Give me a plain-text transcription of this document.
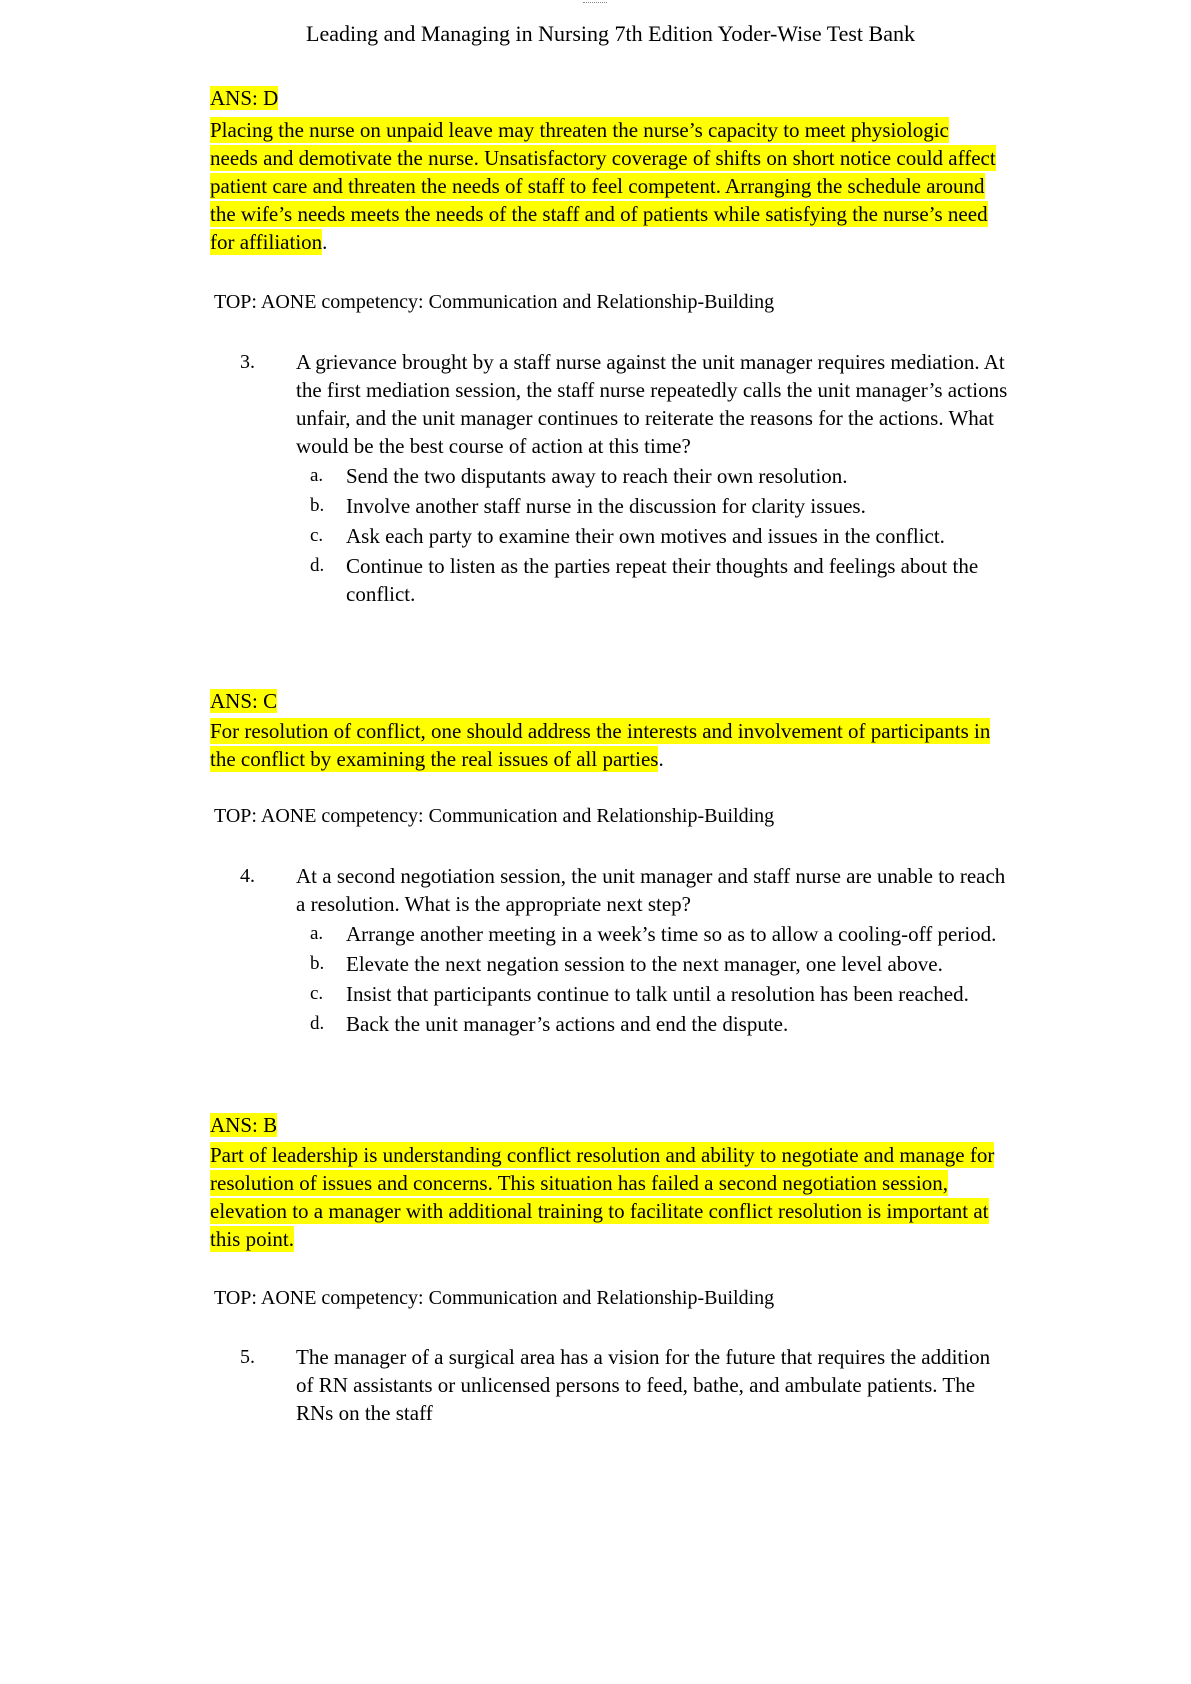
Leading and Managing in Nursing 7th Edition Yoder-Wise Test Bank
ANS: D
Placing the nurse on unpaid leave may threaten the nurse’s capacity to meet physiologic
needs and demotivate the nurse. Unsatisfactory coverage of shifts on short notice could affect
patient care and threaten the needs of staff to feel competent. Arranging the schedule around
the wife’s needs meets the needs of the staff and of patients while satisfying the nurse’s need
for affiliation.
TOP: AONE competency: Communication and Relationship-Building
3. A grievance brought by a staff nurse against the unit manager requires mediation. At
the first mediation session, the staff nurse repeatedly calls the unit manager’s actions
unfair, and the unit manager continues to reiterate the reasons for the actions. What
would be the best course of action at this time?
a. Send the two disputants away to reach their own resolution.
b. Involve another staff nurse in the discussion for clarity issues.
c. Ask each party to examine their own motives and issues in the conflict.
d. Continue to listen as the parties repeat their thoughts and feelings about the
conflict.
ANS: C
For resolution of conflict, one should address the interests and involvement of participants in
the conflict by examining the real issues of all parties.
TOP: AONE competency: Communication and Relationship-Building
4. At a second negotiation session, the unit manager and staff nurse are unable to reach
a resolution. What is the appropriate next step?
a. Arrange another meeting in a week’s time so as to allow a cooling-off period.
b. Elevate the next negation session to the next manager, one level above.
c. Insist that participants continue to talk until a resolution has been reached.
d. Back the unit manager’s actions and end the dispute.
ANS: B
Part of leadership is understanding conflict resolution and ability to negotiate and manage for
resolution of issues and concerns. This situation has failed a second negotiation session,
elevation to a manager with additional training to facilitate conflict resolution is important at
this point.
TOP: AONE competency: Communication and Relationship-Building
5. The manager of a surgical area has a vision for the future that requires the addition
of RN assistants or unlicensed persons to feed, bathe, and ambulate patients. The
RNs on the staff
